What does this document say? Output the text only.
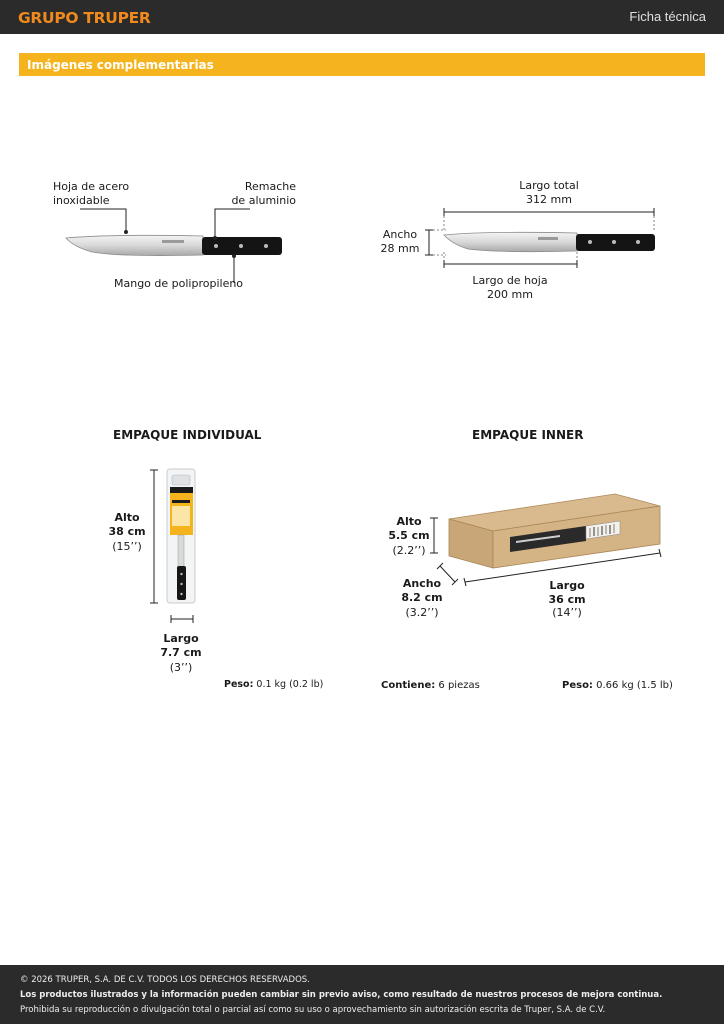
GRUPO TRUPER	Ficha técnica
Imágenes complementarias
Hoja de acero
inoxidable
Remache
de aluminio
Mango de polipropileno
Largo total
312 mm
Ancho
28 mm
Largo de hoja
200 mm
EMPAQUE INDIVIDUAL
Alto
38 cm
(15’’)
Largo
7.7 cm
(3’’)
Peso: 0.1 kg (0.2 lb)
EMPAQUE INNER
Alto
5.5 cm
(2.2’’)
Ancho
8.2 cm
(3.2’’)
Largo
36 cm
(14’’)
Contiene: 6 piezas	Peso: 0.66 kg (1.5 lb)
© 2026 TRUPER, S.A. DE C.V. TODOS LOS DERECHOS RESERVADOS.
Los productos ilustrados y la información pueden cambiar sin previo aviso, como resultado de nuestros procesos de mejora continua.
Prohibida su reproducción o divulgación total o parcial así como su uso o aprovechamiento sin autorización escrita de Truper, S.A. de C.V.
